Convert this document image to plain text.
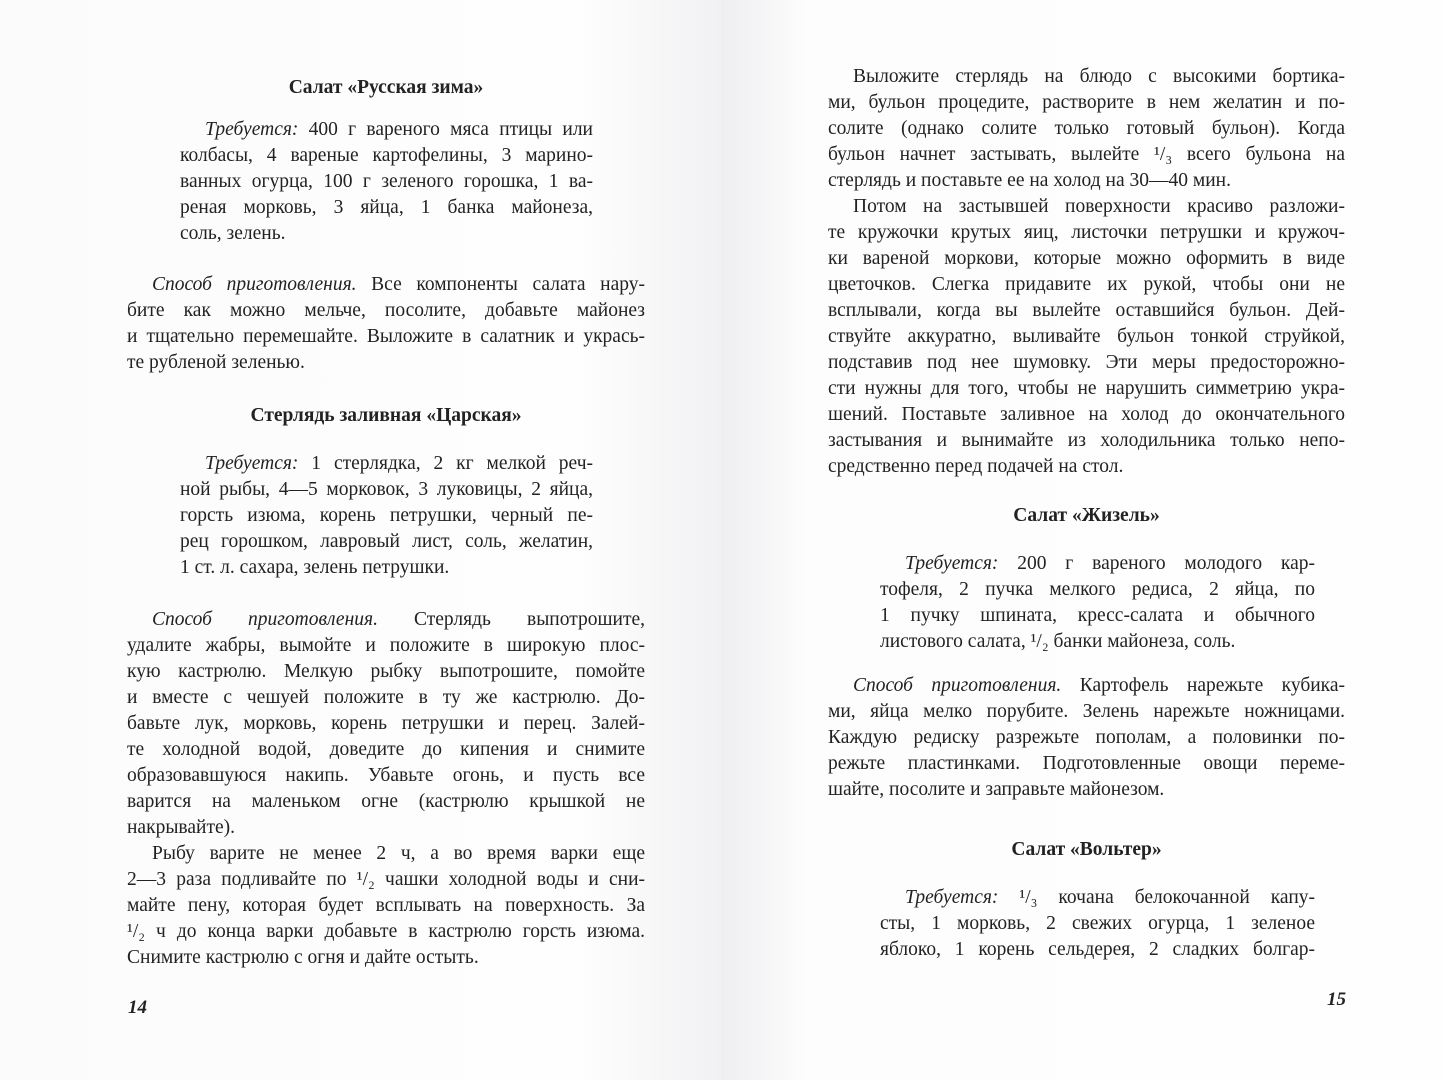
14
Салат «Русская зима»
Требуется: 400 г вареного мяса птицы или
колбасы, 4 вареные картофелины, 3 марино-
ванных огурца, 100 г зеленого горошка, 1 ва-
реная морковь, 3 яйца, 1 банка майонеза,
соль, зелень.
Способ приготовления. Все компоненты салата нару-
бите как можно мельче, посолите, добавьте майонез
и тщательно перемешайте. Выложите в салатник и укрась-
те рубленой зеленью.
Стерлядь заливная «Царская»
Требуется: 1 стерлядка, 2 кг мелкой реч-
ной рыбы, 4—5 морковок, 3 луковицы, 2 яйца,
горсть изюма, корень петрушки, черный пе-
рец горошком, лавровый лист, соль, желатин,
1 ст. л. сахара, зелень петрушки.
Способ приготовления. Стерлядь выпотрошите,
удалите жабры, вымойте и положите в широкую плос-
кую кастрюлю. Мелкую рыбку выпотрошите, помойте
и вместе с чешуей положите в ту же кастрюлю. До-
бавьте лук, морковь, корень петрушки и перец. Залей-
те холодной водой, доведите до кипения и снимите
образовавшуюся накипь. Убавьте огонь, и пусть все
варится на маленьком огне (кастрюлю крышкой не
накрывайте).
Рыбу варите не менее 2 ч, а во время варки еще
2—3 раза подливайте по ¹/₂ чашки холодной воды и сни-
майте пену, которая будет всплывать на поверхность. За
¹/₂ ч до конца варки добавьте в кастрюлю горсть изюма.
Снимите кастрюлю с огня и дайте остыть.
15
Выложите стерлядь на блюдо с высокими бортика-
ми, бульон процедите, растворите в нем желатин и по-
солите (однако солите только готовый бульон). Когда
бульон начнет застывать, вылейте ¹/₃ всего бульона на
стерлядь и поставьте ее на холод на 30—40 мин.
Потом на застывшей поверхности красиво разложи-
те кружочки крутых яиц, листочки петрушки и кружоч-
ки вареной моркови, которые можно оформить в виде
цветочков. Слегка придавите их рукой, чтобы они не
всплывали, когда вы вылейте оставшийся бульон. Дей-
ствуйте аккуратно, выливайте бульон тонкой струйкой,
подставив под нее шумовку. Эти меры предосторожно-
сти нужны для того, чтобы не нарушить симметрию укра-
шений. Поставьте заливное на холод до окончательного
застывания и вынимайте из холодильника только непо-
средственно перед подачей на стол.
Салат «Жизель»
Требуется: 200 г вареного молодого кар-
тофеля, 2 пучка мелкого редиса, 2 яйца, по
1 пучку шпината, кресс-салата и обычного
листового салата, ¹/₂ банки майонеза, соль.
Способ приготовления. Картофель нарежьте кубика-
ми, яйца мелко порубите. Зелень нарежьте ножницами.
Каждую редиску разрежьте пополам, а половинки по-
режьте пластинками. Подготовленные овощи переме-
шайте, посолите и заправьте майонезом.
Салат «Вольтер»
Требуется: ¹/₃ кочана белокочанной капу-
сты, 1 морковь, 2 свежих огурца, 1 зеленое
яблоко, 1 корень сельдерея, 2 сладких болгар-
